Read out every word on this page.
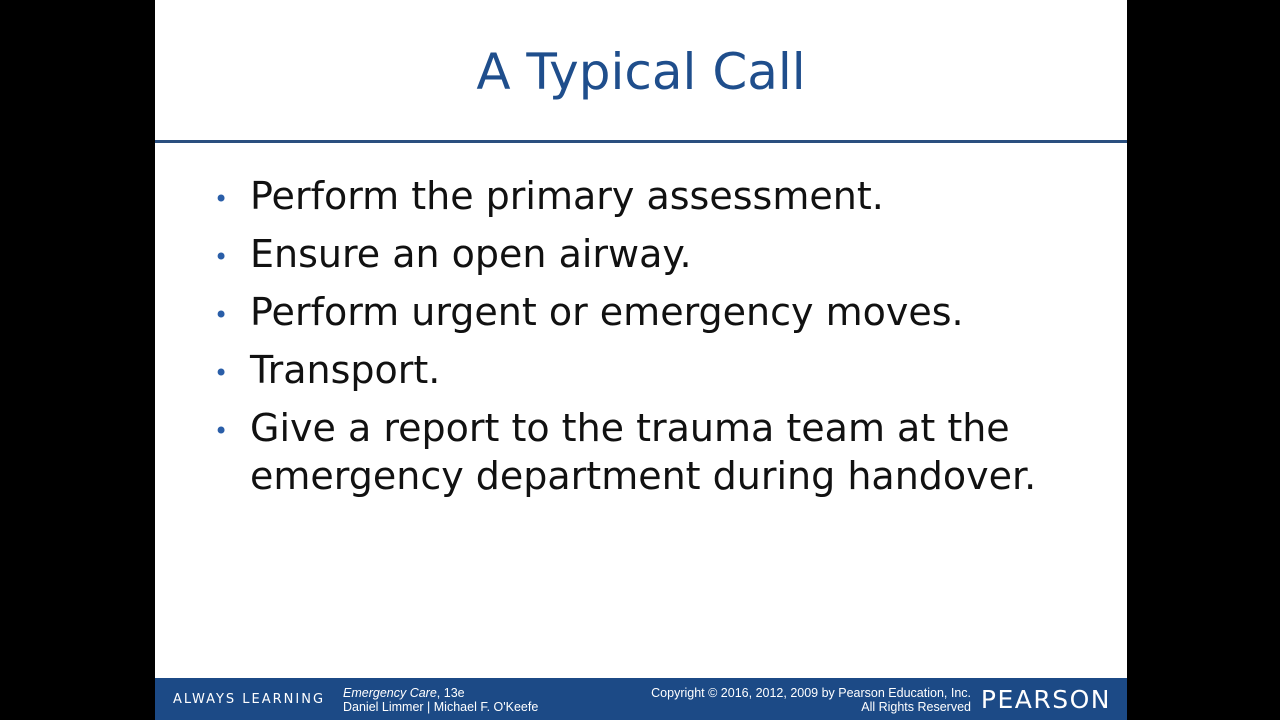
A Typical Call
• Perform the primary assessment.
• Ensure an open airway.
• Perform urgent or emergency moves.
• Transport.
• Give a report to the trauma team at the emergency department during handover.
ALWAYS LEARNING Emergency Care, 13e
Daniel Limmer | Michael F. O'Keefe
Copyright © 2016, 2012, 2009 by Pearson Education, Inc.
All Rights Reserved PEARSON
